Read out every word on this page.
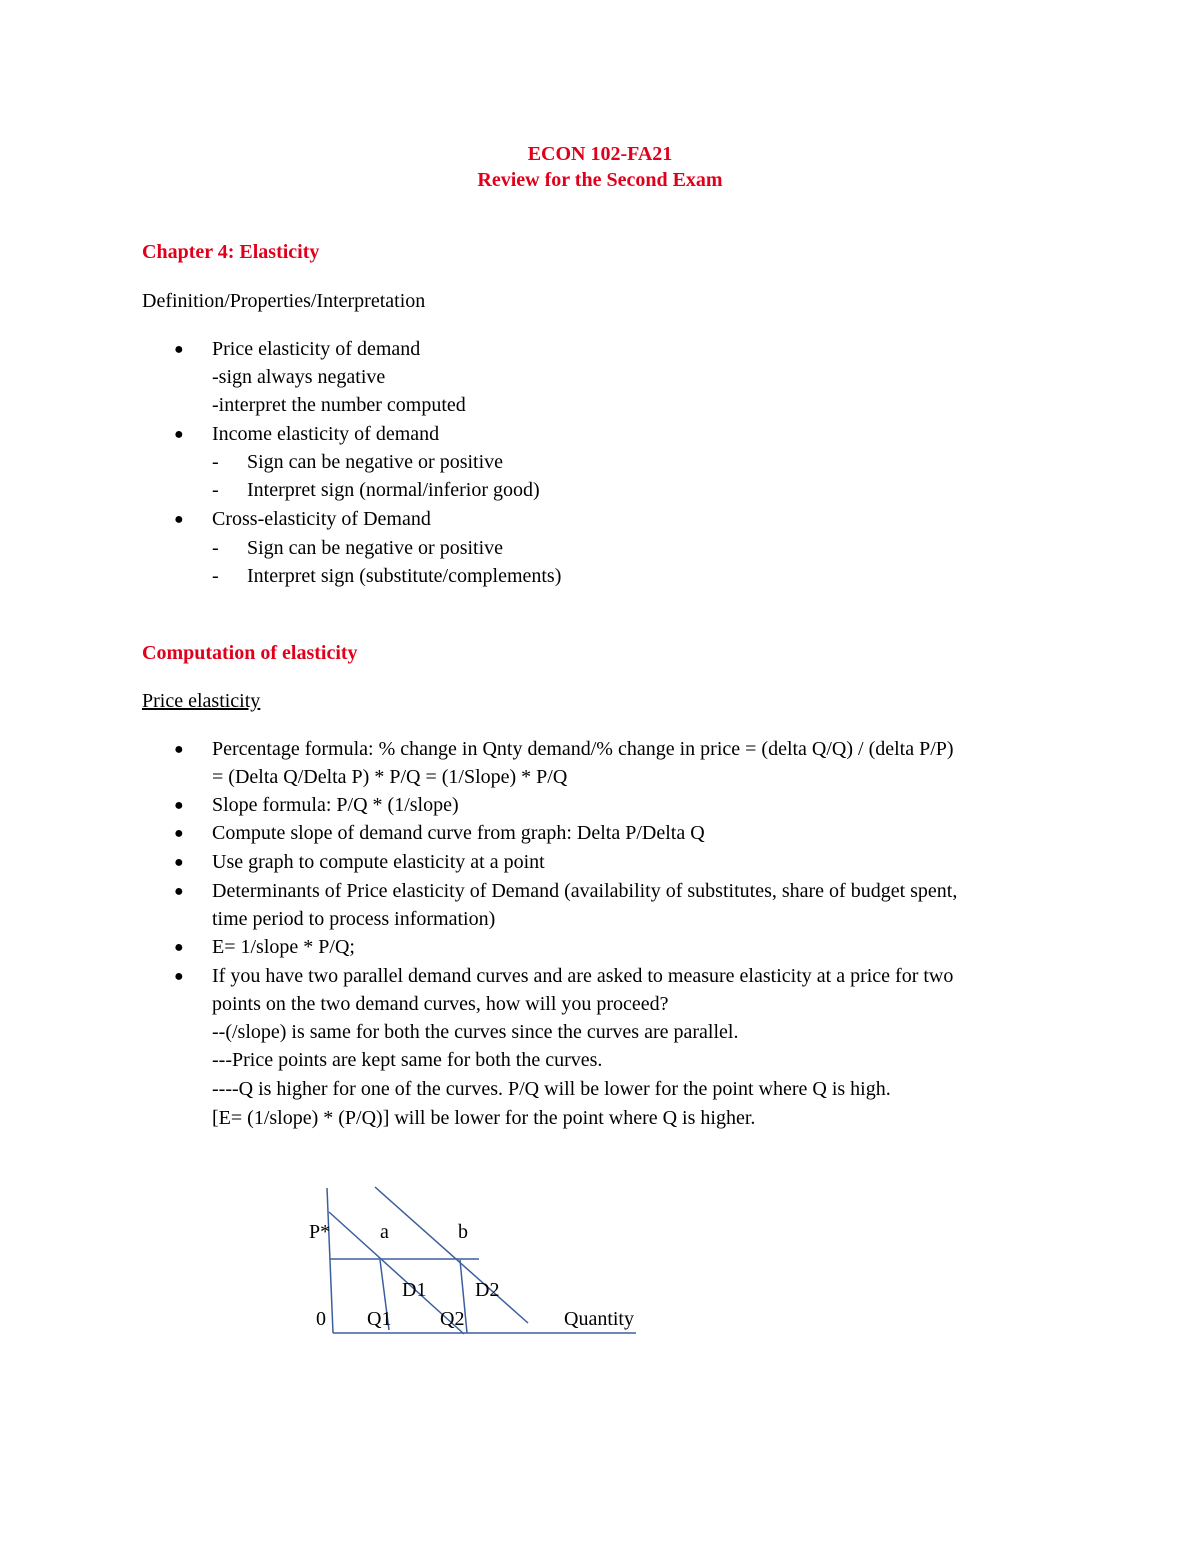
ECON 102-FA21
Review for the Second Exam
Chapter 4: Elasticity
Definition/Properties/Interpretation
● Price elasticity of demand
-sign always negative
-interpret the number computed
● Income elasticity of demand
- Sign can be negative or positive
- Interpret sign (normal/inferior good)
● Cross-elasticity of Demand
- Sign can be negative or positive
- Interpret sign (substitute/complements)
Computation of elasticity
Price elasticity
● Percentage formula: % change in Qnty demand/% change in price = (delta Q/Q) / (delta P/P)
= (Delta Q/Delta P) * P/Q = (1/Slope) * P/Q
● Slope formula: P/Q * (1/slope)
● Compute slope of demand curve from graph: Delta P/Delta Q
● Use graph to compute elasticity at a point
● Determinants of Price elasticity of Demand (availability of substitutes, share of budget spent,
time period to process information)
● E= 1/slope * P/Q;
● If you have two parallel demand curves and are asked to measure elasticity at a price for two
points on the two demand curves, how will you proceed?
--(/slope) is same for both the curves since the curves are parallel.
---Price points are kept same for both the curves.
----Q is higher for one of the curves. P/Q will be lower for the point where Q is high.
[E= (1/slope) * (P/Q)] will be lower for the point where Q is higher.
P* a	b
D1 D2
0 Q1 Q2	Quantity
